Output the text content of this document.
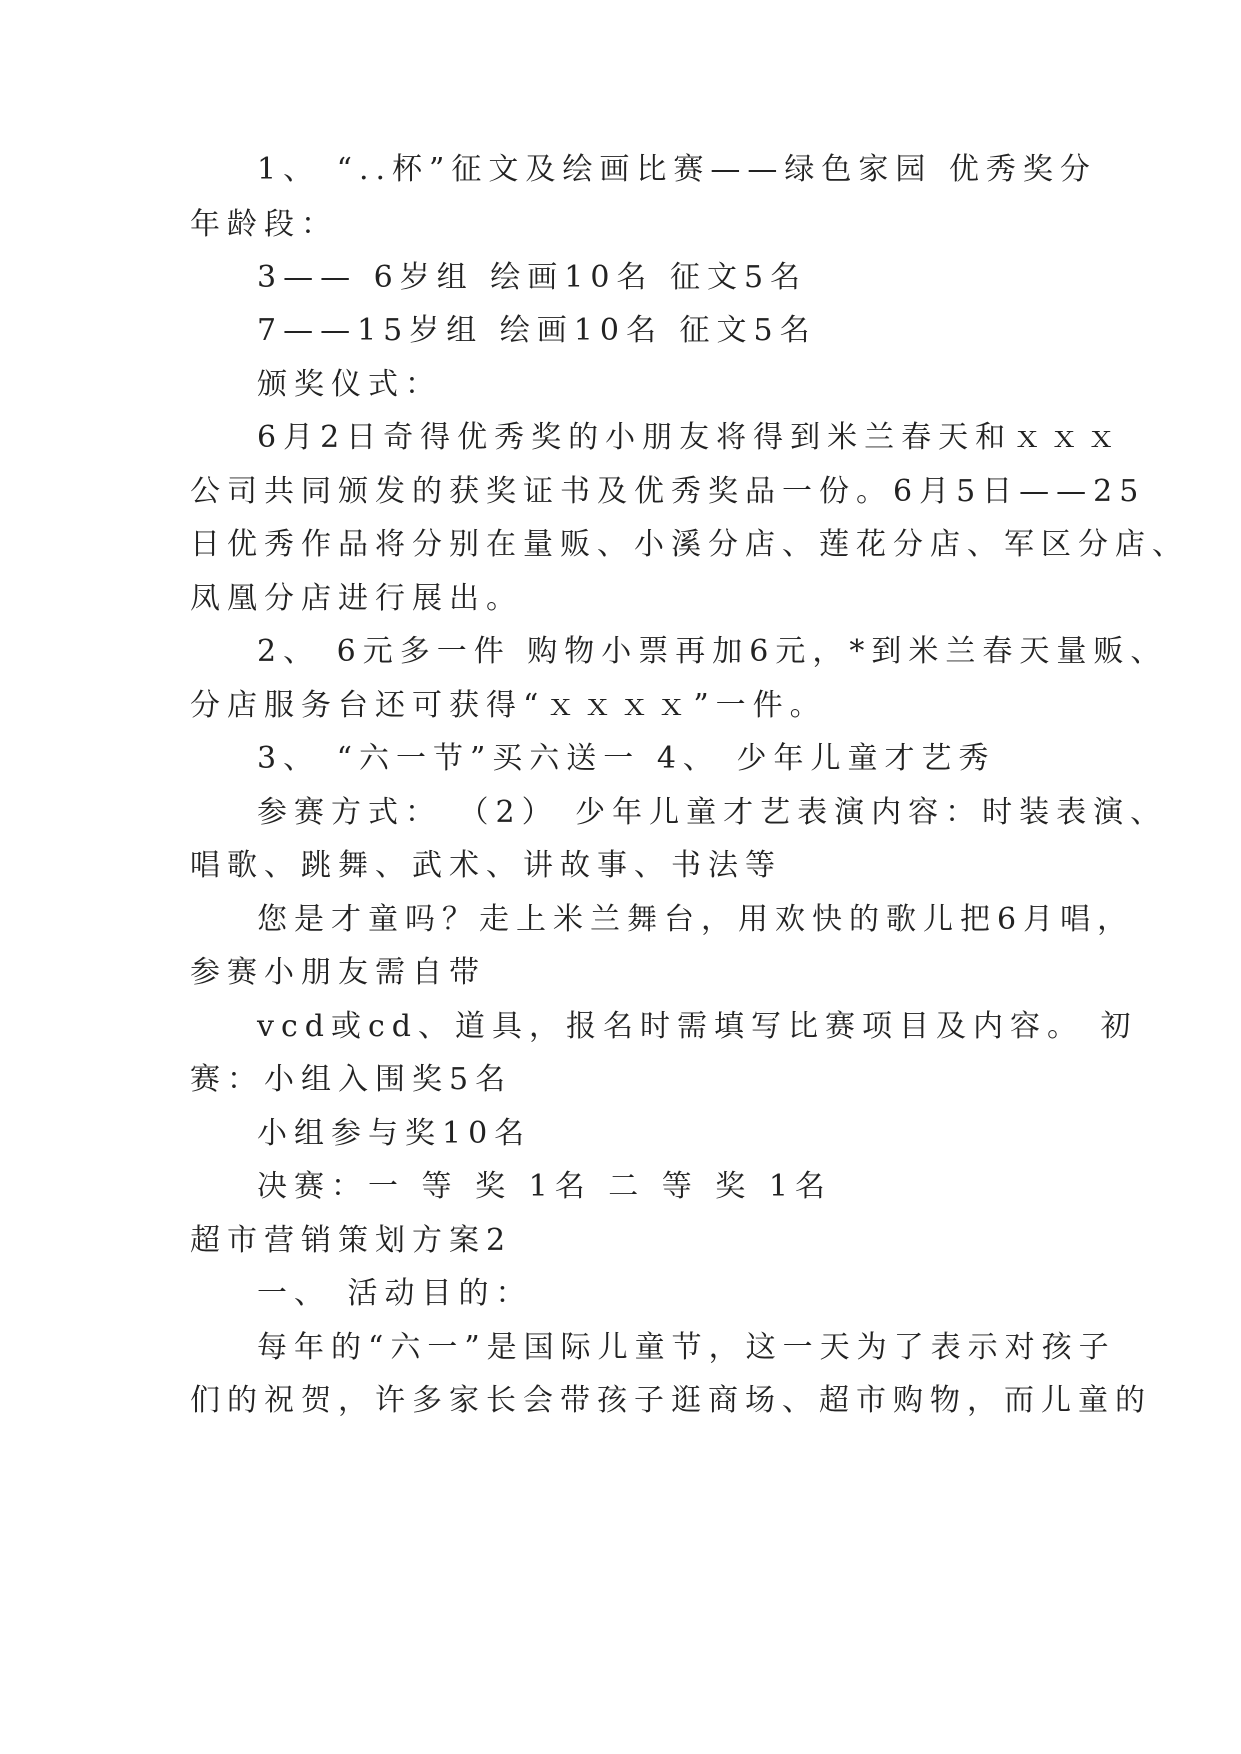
1、 “..杯”征文及绘画比赛——绿色家园 优秀奖分

年龄段：

3—— 6岁组 绘画10名 征文5名

7——15岁组 绘画10名 征文5名

颁奖仪式：

6月2日奇得优秀奖的小朋友将得到米兰春天和ｘｘｘ

公司共同颁发的获奖证书及优秀奖品一份。6月5日——25

日优秀作品将分别在量贩、小溪分店、莲花分店、军区分店、

凤凰分店进行展出。

2、 6元多一件 购物小票再加6元，*到米兰春天量贩、

分店服务台还可获得“ｘｘｘｘ”一件。

3、 “六一节”买六送一 4、 少年儿童才艺秀

参赛方式： （2） 少年儿童才艺表演内容：时装表演、

唱歌、跳舞、武术、讲故事、书法等

您是才童吗？走上米兰舞台，用欢快的歌儿把6月唱，

参赛小朋友需自带

vcd或cd、道具，报名时需填写比赛项目及内容。 初

赛：小组入围奖5名

小组参与奖10名

决赛：一 等 奖 1名 二 等 奖 1名

超市营销策划方案2

一、 活动目的：

每年的“六一”是国际儿童节，这一天为了表示对孩子

们的祝贺，许多家长会带孩子逛商场、超市购物，而儿童的
